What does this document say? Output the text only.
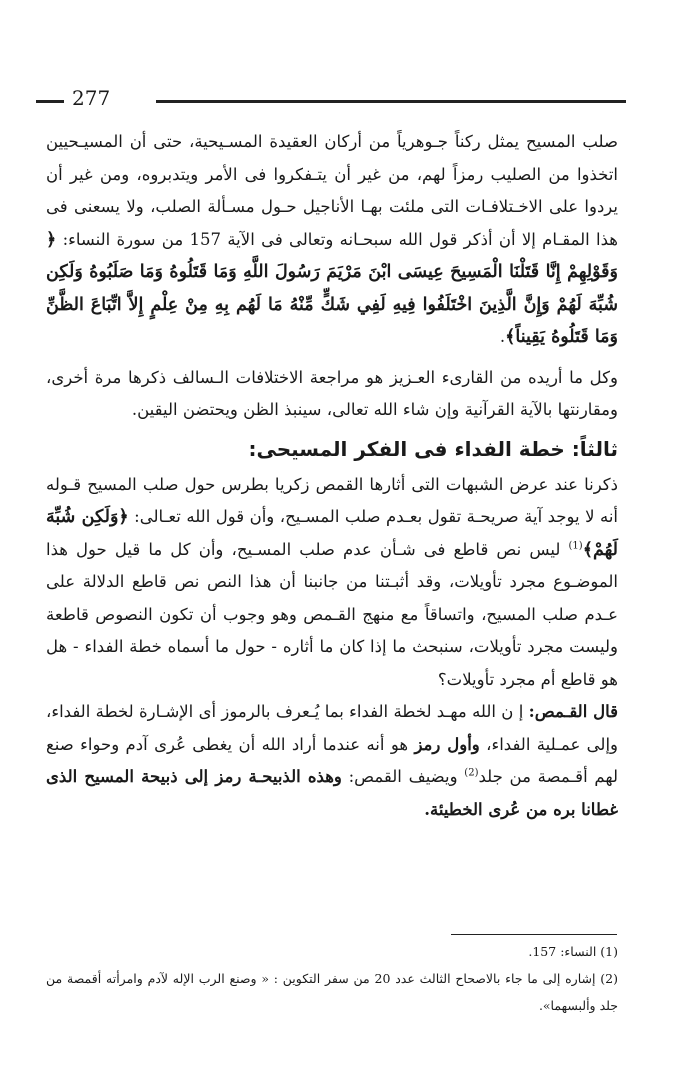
277

صلب المسيح يمثل ركناً جـوهرياً من أركان العقيدة المسـيحية، حتى أن المسيـحيين اتخذوا من الصليب رمزاً لهم، من غير أن يتـفكروا فى الأمر ويتدبروه، ومن غير أن يردوا على الاخـتلافـات التى ملئت بهـا الأناجيل حـول مسـألة الصلب، ولا يسعنى فى هذا المقـام إلا أن أذكر قول الله سبحـانه وتعالى فى الآية 157 من سورة النساء: ﴿ وَقَوْلِهِمْ إِنَّا قَتَلْنَا الْمَسِيحَ عِيسَى ابْنَ مَرْيَمَ رَسُولَ اللَّهِ وَمَا قَتَلُوهُ وَمَا صَلَبُوهُ وَلَكِن شُبِّهَ لَهُمْ وَإِنَّ الَّذِينَ اخْتَلَفُوا فِيهِ لَفِي شَكٍّ مِّنْهُ مَا لَهُم بِهِ مِنْ عِلْمٍ إِلاَّ اتِّبَاعَ الظَّنِّ وَمَا قَتَلُوهُ يَقِيناً﴾.

وكل ما أريده من القارىء العـزيز هو مراجعة الاختلافات الـسالف ذكرها مرة أخرى، ومقارنتها بالآية القرآنية وإن شاء الله تعالى، سينبذ الظن ويحتضن اليقين.

ثالثاً: خطة الفداء فى الفكر المسيحى:

ذكرنا عند عرض الشبهات التى أثارها القمص زكريا بطرس حول صلب المسيح قـوله أنه لا يوجد آية صريحـة تقول بعـدم صلب المسـيح، وأن قول الله تعـالى: ﴿وَلَكِن شُبِّهَ لَهُمْ﴾$^{(1)}$ ليس نص قاطع فى شـأن عدم صلب المسـيح، وأن كل ما قيل حول هذا الموضـوع مجرد تأويلات، وقد أثبـتنا من جانبنا أن هذا النص نص قاطع الدلالة على عـدم صلب المسيح، واتساقاً مع منهج القـمص وهو وجوب أن تكون النصوص قاطعة وليست مجرد تأويلات، سنبحث ما إذا كان ما أثاره - حول ما أسماه خطة الفداء - هل هو قاطع أم مجرد تأويلات؟

قال القـمص: إ ن الله مهـد لخطة الفداء بما يُـعرف بالرموز أى الإشـارة لخطة الفداء، وإلى عمـلية الفداء، وأول رمز هو أنه عندما أراد الله أن يغطى عُرى آدم وحواء صنع لهم أقـمصة من جلد$^{(2)}$ ويضيف القمص: وهذه الذبيحـة رمز إلى ذبيحة المسيح الذى غطانا بره من عُرى الخطيئة.

(1) النساء: 157.

(2) إشاره إلى ما جاء بالاصحاح الثالث عدد 20 من سفر التكوين : « وصنع الرب الإله لآدم وامرأته أقمصة من جلد وألبسهما».
